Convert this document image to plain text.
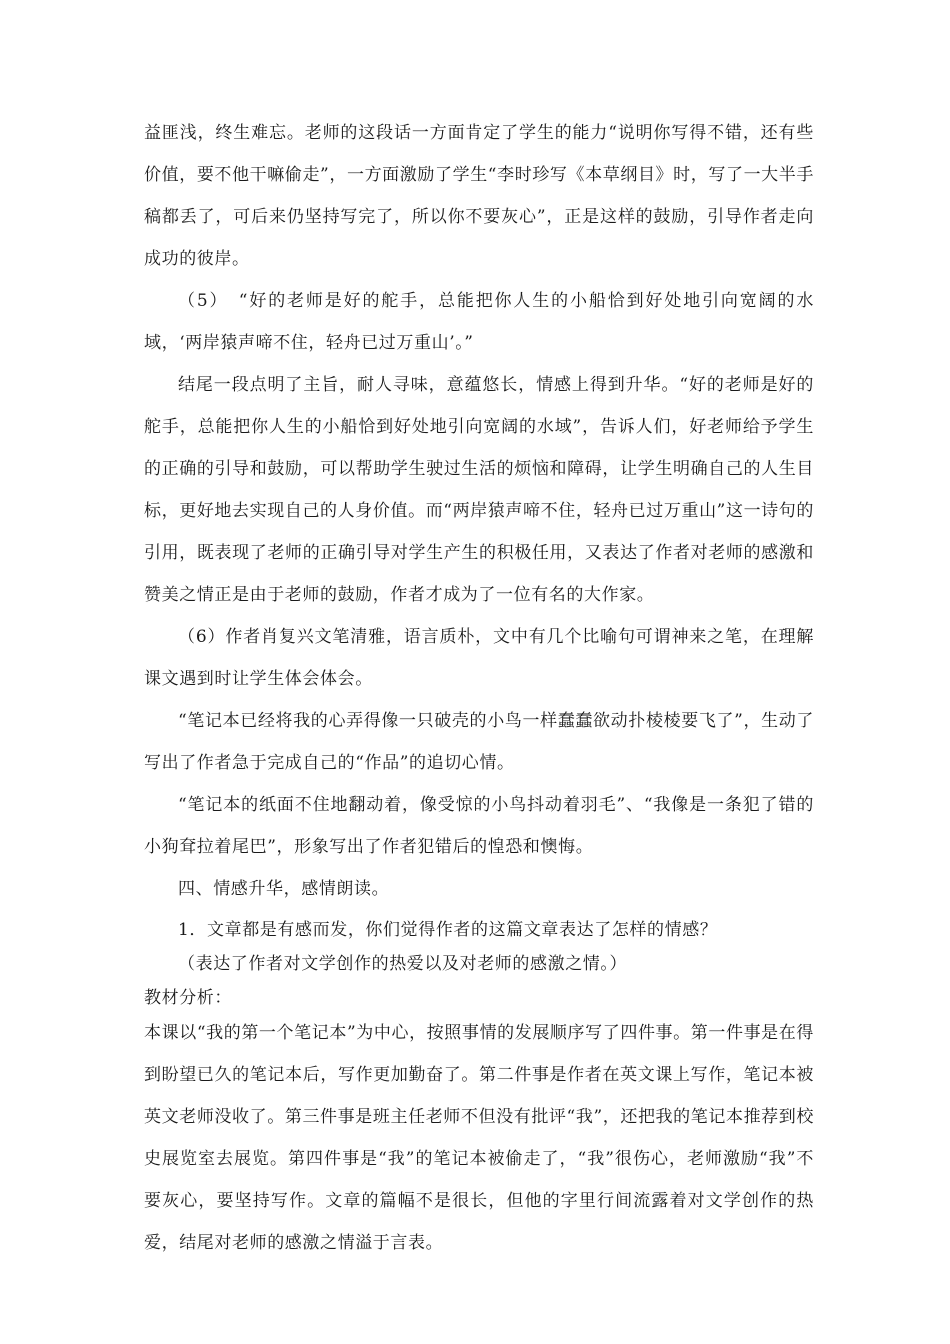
益匪浅，终生难忘。老师的这段话一方面肯定了学生的能力“说明你写得不错，还有些价值，要不他干嘛偷走”，一方面激励了学生“李时珍写《本草纲目》时，写了一大半手稿都丢了，可后来仍坚持写完了，所以你不要灰心”，正是这样的鼓励，引导作者走向成功的彼岸。

（5）　“好的老师是好的舵手，总能把你人生的小船恰到好处地引向宽阔的水域，‘两岸猿声啼不住，轻舟已过万重山’。”

结尾一段点明了主旨，耐人寻味，意蕴悠长，情感上得到升华。“好的老师是好的舵手，总能把你人生的小船恰到好处地引向宽阔的水域”，告诉人们，好老师给予学生的正确的引导和鼓励，可以帮助学生驶过生活的烦恼和障碍，让学生明确自己的人生目标，更好地去实现自己的人身价值。而“两岸猿声啼不住，轻舟已过万重山”这一诗句的引用，既表现了老师的正确引导对学生产生的积极任用，又表达了作者对老师的感激和赞美之情正是由于老师的鼓励，作者才成为了一位有名的大作家。

（6）作者肖复兴文笔清雅，语言质朴，文中有几个比喻句可谓神来之笔，在理解课文遇到时让学生体会体会。

“笔记本已经将我的心弄得像一只破壳的小鸟一样蠢蠢欲动扑棱棱要飞了”，生动了写出了作者急于完成自己的“作品”的追切心情。

“笔记本的纸面不住地翻动着，像受惊的小鸟抖动着羽毛”、“我像是一条犯了错的小狗耷拉着尾巴”，形象写出了作者犯错后的惶恐和懊悔。

四、情感升华，感情朗读。

1．文章都是有感而发，你们觉得作者的这篇文章表达了怎样的情感？

（表达了作者对文学创作的热爱以及对老师的感激之情。）

教材分析：

本课以“我的第一个笔记本”为中心，按照事情的发展顺序写了四件事。第一件事是在得到盼望已久的笔记本后，写作更加勤奋了。第二件事是作者在英文课上写作，笔记本被英文老师没收了。第三件事是班主任老师不但没有批评“我”，还把我的笔记本推荐到校史展览室去展览。第四件事是“我”的笔记本被偷走了，“我”很伤心，老师激励“我”不要灰心，要坚持写作。文章的篇幅不是很长，但他的字里行间流露着对文学创作的热爱，结尾对老师的感激之情溢于言表。
